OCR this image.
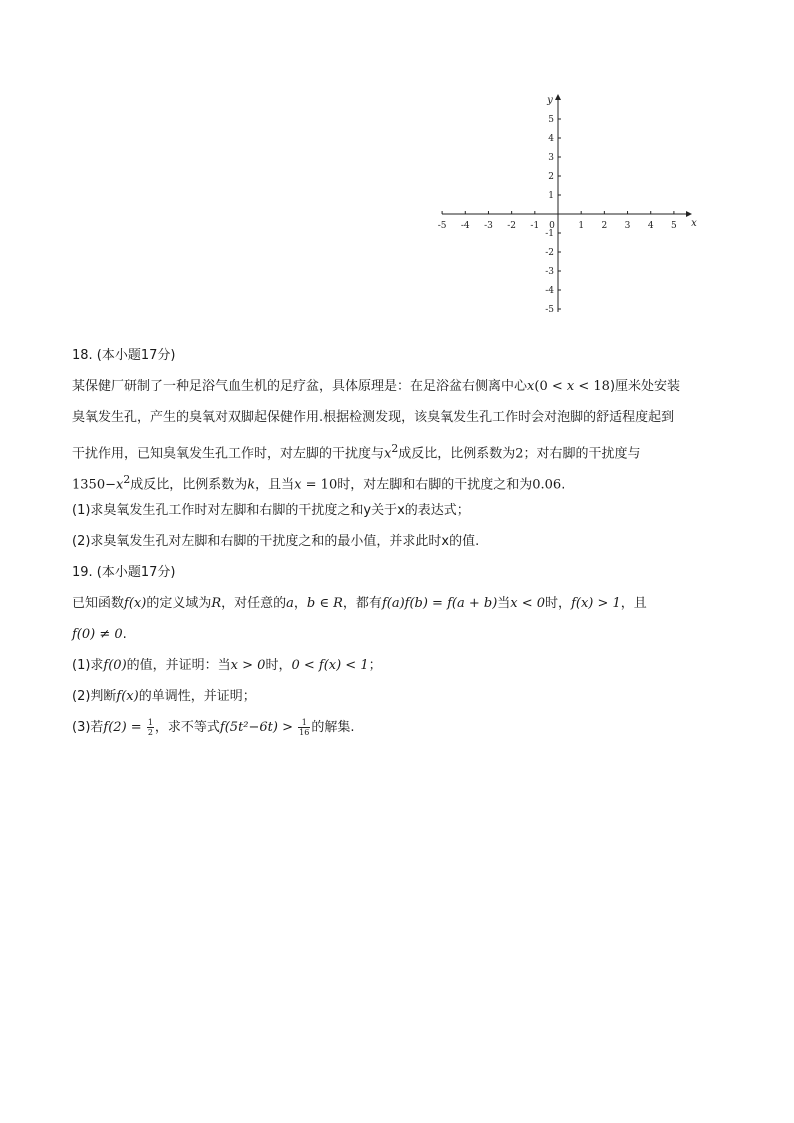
x
y
0
-5 -4 -3 -2 -1	1 2 3 4 5
5
4
3
2
1
-1
-2
-3
-4
-5
18. (本小题17分)
某保健厂研制了一种足浴气血生机的足疗盆，具体原理是：在足浴盆右侧离中心x(0 < x < 18)厘米处安装
臭氧发生孔，产生的臭氧对双脚起保健作用.根据检测发现，该臭氧发生孔工作时会对泡脚的舒适程度起到
干扰作用，已知臭氧发生孔工作时，对左脚的干扰度与$x^2$成反比，比例系数为2；对右脚的干扰度与
$1350-x^2$成反比，比例系数为k，且当x = 10时，对左脚和右脚的干扰度之和为0.06.
(1)求臭氧发生孔工作时对左脚和右脚的干扰度之和y关于x的表达式；
(2)求臭氧发生孔对左脚和右脚的干扰度之和的最小值，并求此时x的值.
19. (本小题17分)
已知函数f(x)的定义域为R，对任意的a，b ∈ R，都有f(a)f(b) = f(a + b)当x < 0时，f(x) > 1，且
f(0) ≠ 0.
(1)求f(0)的值，并证明：当x > 0时，0 < f(x) < 1；
(2)判断f(x)的单调性，并证明；
(3)若$f(2) = \frac{1}{2}$ ，求不等式$f(5t^2-6t) > \frac{1}{16}$ 的解集.
